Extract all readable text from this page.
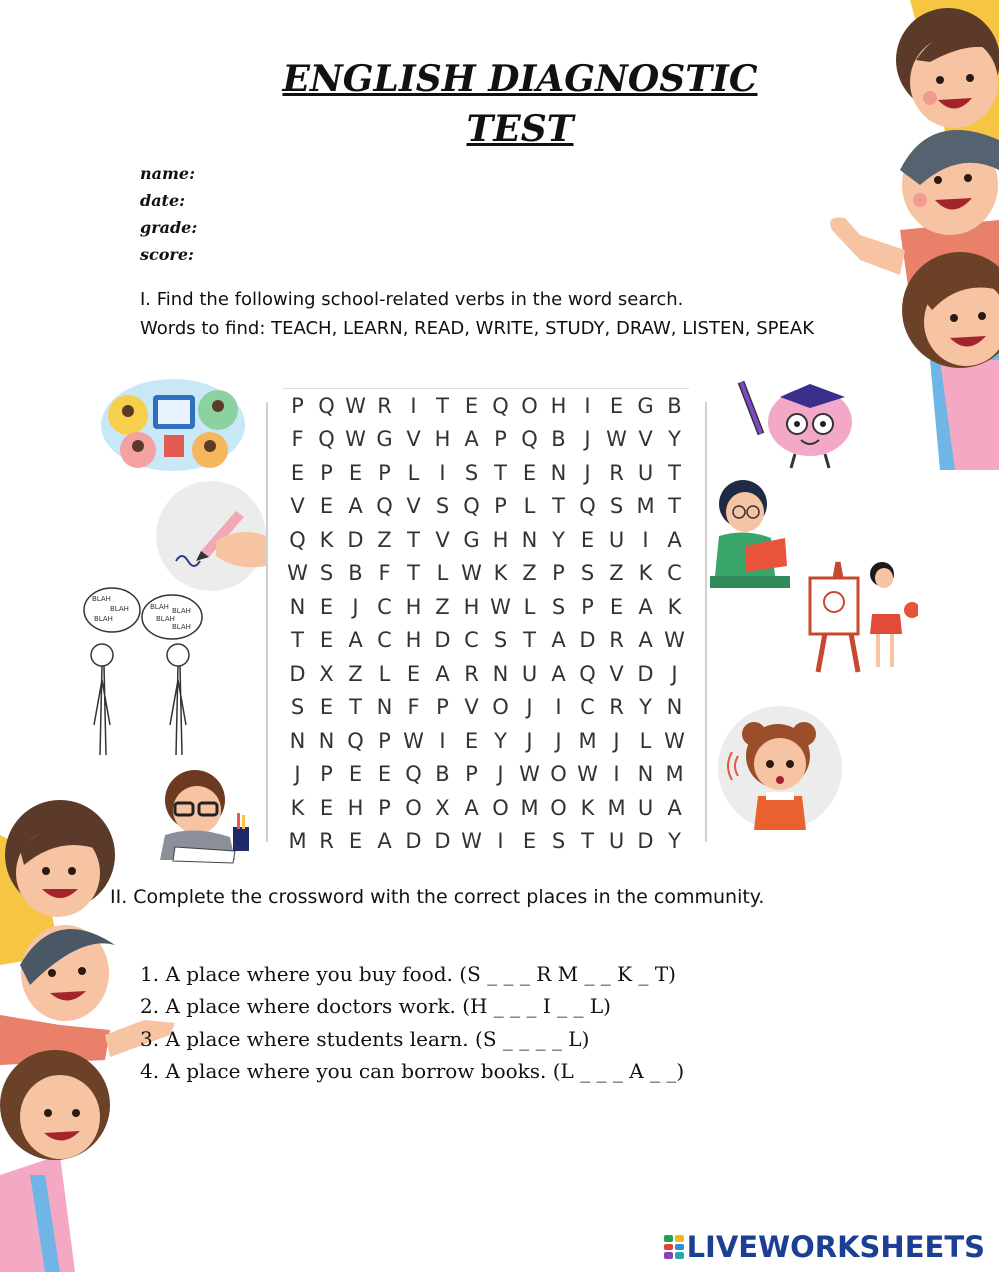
ENGLISH DIAGNOSTIC
TEST
name:
date:
grade:
score:
I. Find the following school-related verbs in the word search.
Words to find: TEACH, LEARN, READ, WRITE, STUDY, DRAW, LISTEN, SPEAK
BLAH
BLAH
BLAH
BLAH BLAH
BLAH
BLAH
P Q W R I T E Q O H I E G B
F Q W G V H A P Q B J W V Y
E P E P L I S T E N J R U T
V E A Q V S Q P L T Q S M T
Q K D Z T V G H N Y E U I A
W S B F T L W K Z P S Z K C
N E J C H Z H W L S P E A K
T E A C H D C S T A D R A W
D X Z L E A R N U A Q V D J
S E T N F P V O J	I C R Y N
N N Q P W I E Y J	J M J L W
J P E E Q B P J W O W I N M
K E H P O X A O M O K M U A
M R E A D D W I E S T U D Y
II. Complete the crossword with the correct places in the community.
1. A place where you buy food. (S _ _ _ R M _ _ K _ T)
2. A place where doctors work. (H _ _ _ I _ _ L)
3. A place where students learn. (S _ _ _ _ L)
4. A place where you can borrow books. (L _ _ _ A _ _)
LIVEWORKSHEETS
